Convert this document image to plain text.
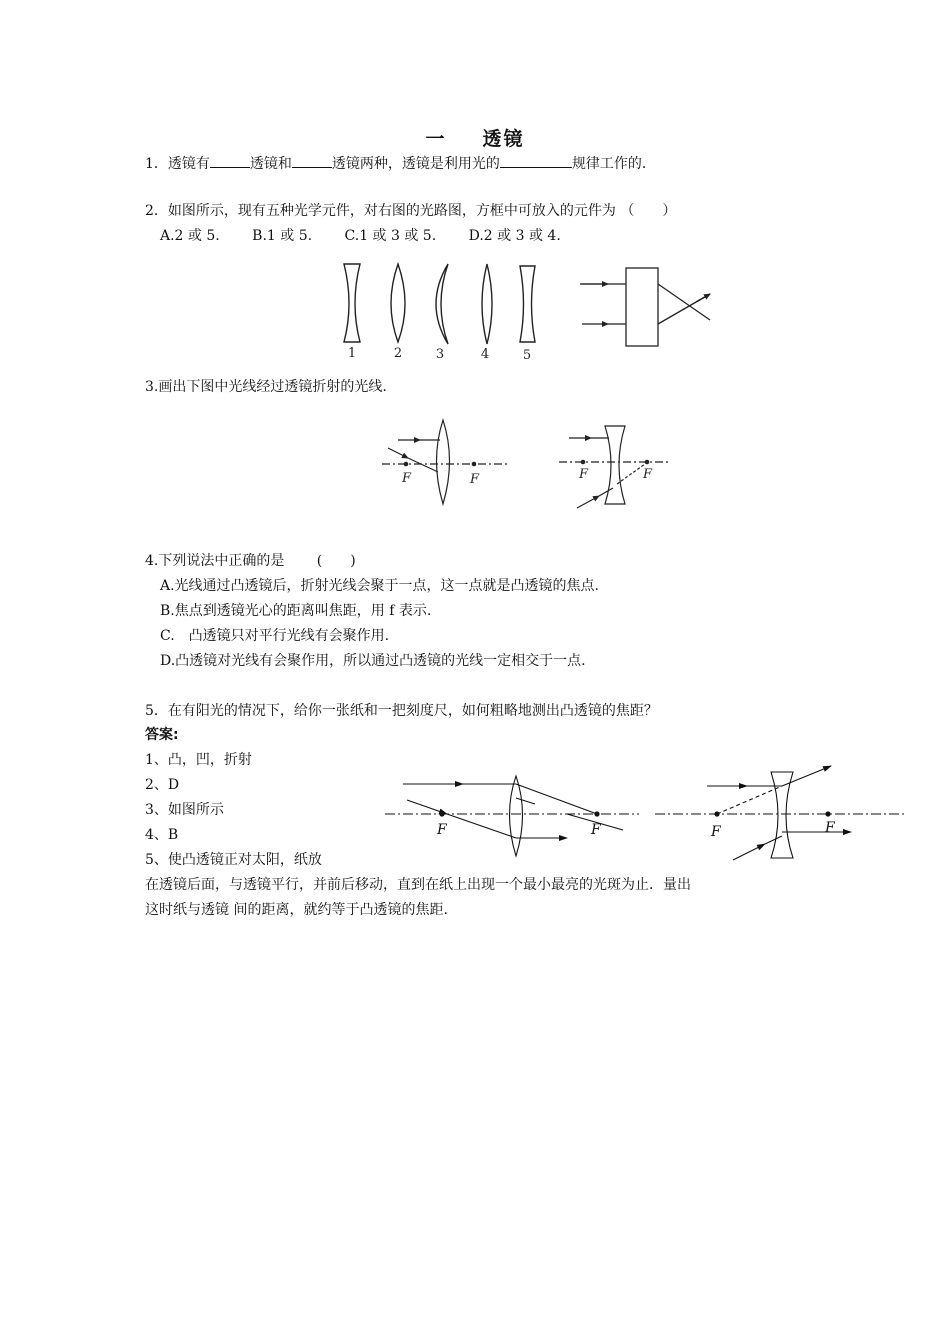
一 透镜
1．透镜有	透镜和	透镜两种，透镜是利用光的	规律工作的．
2．如图所示，现有五种光学元件，对右图的光路图，方框中可放入的元件为 （　　）
A.2 或 5.　　 B.1 或 5.　　 C.1 或 3 或 5.　　 D.2 或 3 或 4.
1	2	3	4	5
3.画出下图中光线经过透镜折射的光线.
F	F	F	F
4.下列说法中正确的是　　 (　　)
A.光线通过凸透镜后，折射光线会聚于一点，这一点就是凸透镜的焦点.
B.焦点到透镜光心的距离叫焦距，用 f 表示.
C.　凸透镜只对平行光线有会聚作用.
D.凸透镜对光线有会聚作用，所以通过凸透镜的光线一定相交于一点.
5．在有阳光的情况下，给你一张纸和一把刻度尺，如何粗略地测出凸透镜的焦距？
答案:
1、凸，凹，折射
2、D
3、如图所示
4、B
5、使凸透镜正对太阳，纸放
在透镜后面，与透镜平行，并前后移动，直到在纸上出现一个最小最亮的光斑为止．量出
这时纸与透镜 间的距离，就约等于凸透镜的焦距.
F	F	F	F
